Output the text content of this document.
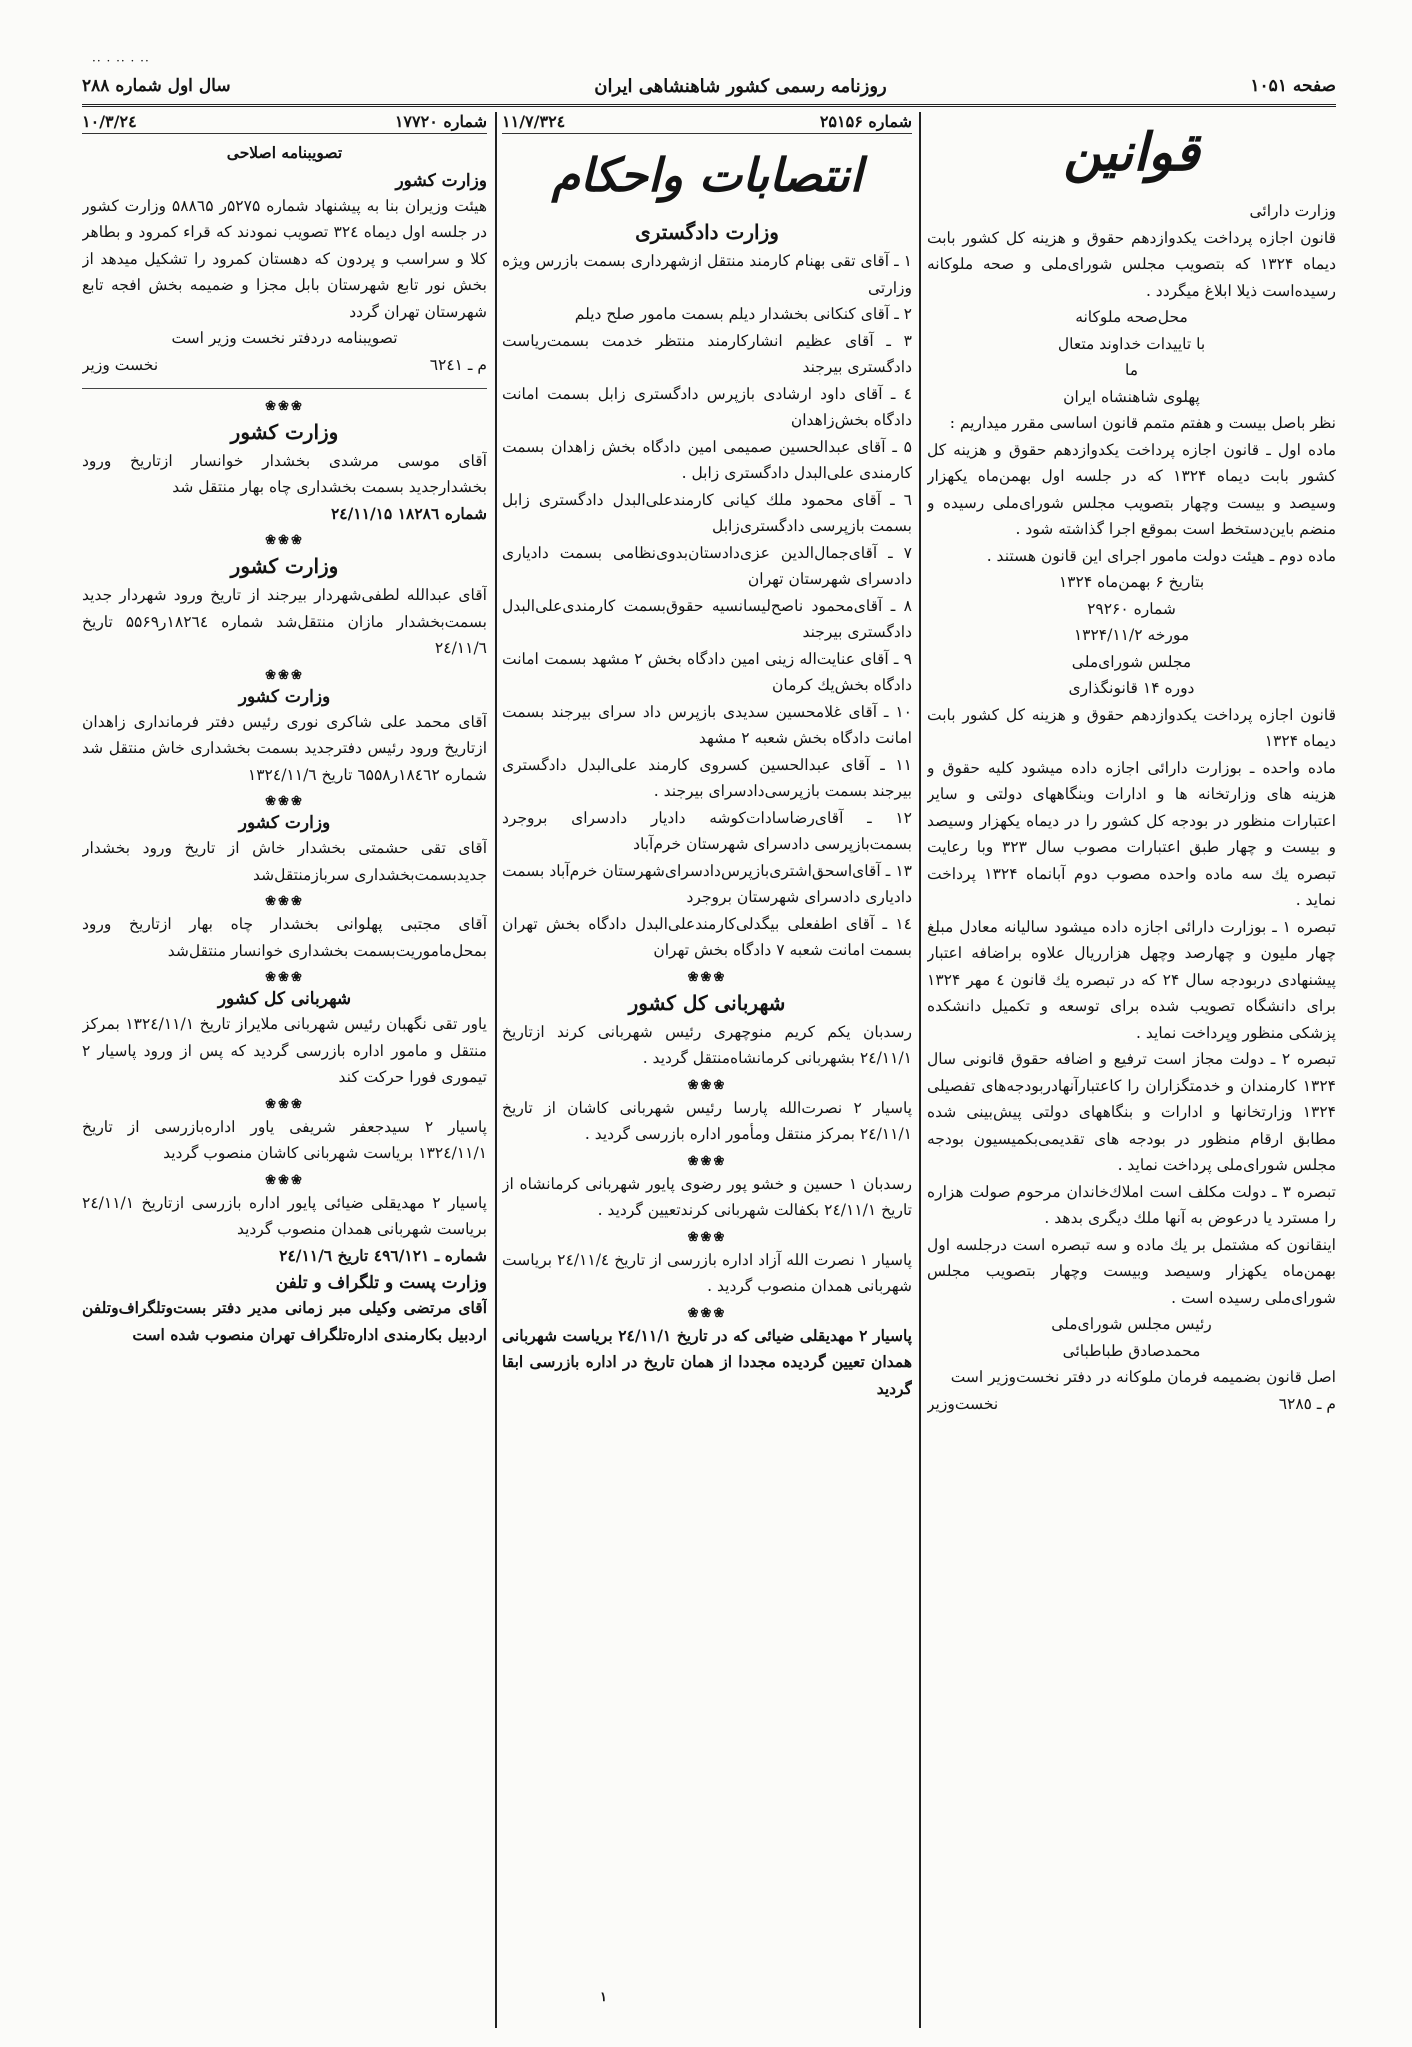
·· · ·· · ··
سال اول شماره ۲۸۸	روزنامه رسمی کشور شاهنشاهی ایران	صفحه ۱۰۵۱
قوانین

وزارت دارائی

قانون اجازه پرداخت یکدوازدهم حقوق و هزینه کل کشور بابت دیماه ۱۳۲۴ که بتصویب مجلس شورای‌ملی و صحه ملوکانه رسیده‌است ذیلا ابلاغ میگردد .

محل‌صحه ملوکانه

با تاییدات خداوند متعال

ما

پهلوی شاهنشاه ایران

نظر باصل بیست و هفتم متمم قانون اساسی مقرر میداریم :

ماده اول ـ قانون اجازه پرداخت یکدوازدهم حقوق و هزینه کل کشور بابت دیماه ۱۳۲۴ که در جلسه اول بهمن‌ماه یکهزار وسیصد و بیست وچهار بتصویب مجلس شورای‌ملی رسیده و منضم باین‌دستخط است بموقع اجرا گذاشته شود .

ماده دوم ـ هیئت دولت مامور اجرای این قانون هستند .

بتاریخ ۶ بهمن‌ماه ۱۳۲۴

شماره ۲۹۲۶۰

مورخه ۱۳۲۴/۱۱/۲

مجلس شورای‌ملی

دوره ۱۴ قانونگذاری

قانون اجازه پرداخت یکدوازدهم حقوق و هزینه کل کشور بابت دیماه ۱۳۲۴

ماده واحده ـ بوزارت دارائی اجازه داده میشود کلیه حقوق و هزینه های وزارتخانه ها و ادارات وبنگاههای دولتی و سایر اعتبارات منظور در بودجه کل کشور را در دیماه یکهزار وسیصد و بیست و چهار طبق اعتبارات مصوب سال ۳۲۳ وبا رعایت تبصره یك سه ماده واحده مصوب دوم آبانماه ۱۳۲۴ پرداخت نماید .

تبصره ۱ ـ بوزارت دارائی اجازه داده میشود سالیانه معادل مبلغ چهار ملیون و چهارصد وچهل هزارریال علاوه براضافه اعتبار پیشنهادی دربودجه سال ۲۴ که در تبصره یك قانون ٤ مهر ۱۳۲۴ برای دانشگاه تصویب شده برای توسعه و تکمیل دانشکده پزشکی منظور وپرداخت نماید .

تبصره ۲ ـ دولت مجاز است ترفیع و اضافه حقوق قانونی سال ۱۳۲۴ کارمندان و خدمتگزاران را کاعتبارآنهادربودجه‌های تفصیلی ۱۳۲۴ وزارتخانها و ادارات و بنگاههای دولتی پیش‌بینی شده مطابق ارقام منظور در بودجه های تقدیمی‌بکمیسیون بودجه مجلس شورای‌ملی پرداخت نماید .

تبصره ۳ ـ دولت مکلف است املاك‌خاندان مرحوم صولت هزاره را مسترد یا درعوض به آنها ملك دیگری بدهد .

اینقانون که مشتمل بر یك ماده و سه تبصره است درجلسه اول بهمن‌ماه یکهزار وسیصد وبیست وچهار بتصویب مجلس شورای‌ملی رسیده است .

رئیس مجلس شورای‌ملی

محمدصادق طباطبائی

اصل قانون بضمیمه فرمان ملوکانه در دفتر نخست‌وزیر است

م ـ ٦٢٨٥
نخست‌وزیر
شماره ۲۵۱۵۶
۳۲٤/۱۱/۷
انتصابات واحکام
وزارت دادگستری

۱ ـ آقای تقی بهنام کارمند منتقل ازشهرداری بسمت بازرس ویژه وزارتی

۲ ـ آقای کنکانی بخشدار دیلم بسمت مامور صلح دیلم

۳ ـ آقای عظیم انشارکارمند منتظر خدمت بسمت‌ریاست دادگستری بیرجند

٤ ـ آقای داود ارشادی بازپرس دادگستری زابل بسمت امانت دادگاه بخش‌زاهدان

۵ ـ آقای عبدالحسین صمیمی امین دادگاه بخش زاهدان بسمت کارمندی علی‌البدل دادگستری زابل .

٦ ـ آقای محمود ملك کیانی کارمندعلی‌البدل دادگستری زابل بسمت بازپرسی دادگستری‌زابل

۷ ـ آقای‌جمال‌الدین عزی‌دادستان‌بدوی‌نظامی بسمت دادیاری دادسرای شهرستان تهران

۸ ـ آقای‌محمود ناصح‌لیسانسیه حقوق‌بسمت کارمندی‌علی‌البدل دادگستری بیرجند

۹ ـ آقای عنایت‌اله زینی امین دادگاه بخش ۲ مشهد بسمت امانت دادگاه بخش‌یك کرمان

۱۰ ـ آقای غلامحسین سدیدی بازپرس داد سرای بیرجند بسمت امانت دادگاه بخش شعبه ۲ مشهد

۱۱ ـ آقای عبدالحسین کسروی کارمند علی‌البدل دادگستری بیرجند بسمت بازپرسی‌دادسرای بیرجند .

۱۲ ـ آقای‌رضاسادات‌کوشه دادیار دادسرای بروجرد بسمت‌بازپرسی دادسرای شهرستان خرم‌آباد

۱۳ ـ آقای‌اسحق‌اشتری‌بازپرس‌دادسرای‌شهرستان خرم‌آباد بسمت دادیاری دادسرای شهرستان بروجرد

۱٤ ـ آقای اطفعلی بیگدلی‌کارمندعلی‌البدل دادگاه بخش تهران بسمت امانت شعبه ۷ دادگاه بخش تهران

❀❀❀
شهربانی کل کشور

رسدبان یکم کریم منوچهری رئیس شهربانی کرند ازتاریخ ۲٤/۱۱/۱ بشهربانی کرمانشاه‌منتقل گردید .

❀❀❀

پاسیار ۲ نصرت‌الله پارسا رئیس شهربانی کاشان از تاریخ ۲٤/۱۱/۱ بمرکز منتقل ومأمور اداره بازرسی گردید .

❀❀❀

رسدبان ۱ حسین و خشو پور رضوی پایور شهربانی کرمانشاه از تاریخ ۲٤/۱۱/۱ بکفالت شهربانی کرندتعیین گردید .

❀❀❀

پاسیار ۱ نصرت الله آزاد اداره بازرسی از تاریخ ۲٤/۱۱/٤ بریاست شهربانی همدان منصوب گردید .

❀❀❀

پاسیار ۲ مهدیقلی ضیائی که در تاریخ ۲٤/۱۱/۱ بریاست شهربانی همدان تعیین گردیده مجددا از همان تاریخ در اداره بازرسی ابقا گردید

شماره ۱۷۷۲۰
۲٤/۱۰/۳
تصویبنامه اصلاحی
وزارت کشور

هیئت وزیران بنا به پیشنهاد شماره ۵۲۷۵ر ۵۸۸٦۵ وزارت کشور در جلسه اول دیماه ۳۲٤ تصویب نمودند که قراء کمرود و بطاهر کلا و سراسب و پردون که دهستان کمرود را تشکیل میدهد از بخش نور تابع شهرستان بابل مجزا و ضمیمه بخش افجه تابع شهرستان تهران گردد

تصویبنامه دردفتر نخست وزیر است

م ـ ٦۲٤۱
نخست وزیر
❀❀❀
وزارت کشور

آقای موسی مرشدی بخشدار خوانسار ازتاریخ ورود بخشدارجدید بسمت بخشداری چاه بهار منتقل شد

شماره ۱۸۲۸٦ ۲٤/۱۱/۱۵

❀❀❀
وزارت کشور

آقای عبدالله لطفی‌شهردار بیرجند از تاریخ ورود شهردار جدید بسمت‌بخشدار مازان منتقل‌شد شماره ۱۸۲٦٤ر۵۵۶۹ تاریخ ۲٤/۱۱/٦

❀❀❀
وزارت کشور

آقای محمد علی شاکری نوری رئیس دفتر فرمانداری زاهدان ازتاریخ ورود رئیس دفترجدید بسمت بخشداری خاش منتقل شد شماره ۱۸٤٦۲ر٦۵۵۸ تاریخ ۱۳۲٤/۱۱/٦

❀❀❀
وزارت کشور

آقای تقی حشمتی بخشدار خاش از تاریخ ورود بخشدار جدیدبسمت‌بخشداری سرباز‌منتقل‌شد

❀❀❀

آقای مجتبی پهلوانی بخشدار چاه بهار ازتاریخ ورود بمحل‌ماموریت‌بسمت بخشداری خوانسار منتقل‌شد

❀❀❀
شهربانی کل کشور

یاور تقی نگهبان رئیس شهربانی ملایراز تاریخ ۱۳۲٤/۱۱/۱ بمرکز منتقل و مامور اداره بازرسی گردید که پس از ورود پاسیار ۲ تیموری فورا حرکت کند

❀❀❀

پاسیار ۲ سیدجعفر شریفی یاور اداره‌بازرسی از تاریخ ۱۳۲٤/۱۱/۱ بریاست شهربانی کاشان منصوب گردید

❀❀❀

پاسیار ۲ مهدیقلی ضیائی پایور اداره بازرسی ازتاریخ ۲٤/۱۱/۱ بریاست شهربانی همدان منصوب گردید

شماره ـ ٤۹٦/۱۲۱ تاریخ ۲٤/۱۱/٦

وزارت پست و تلگراف و تلفن

آقای مرتضی وکیلی مبر زمانی مدیر دفتر بست‌وتلگراف‌وتلفن اردبیل بکارمندی اداره‌تلگراف تهران منصوب شده است

۱
